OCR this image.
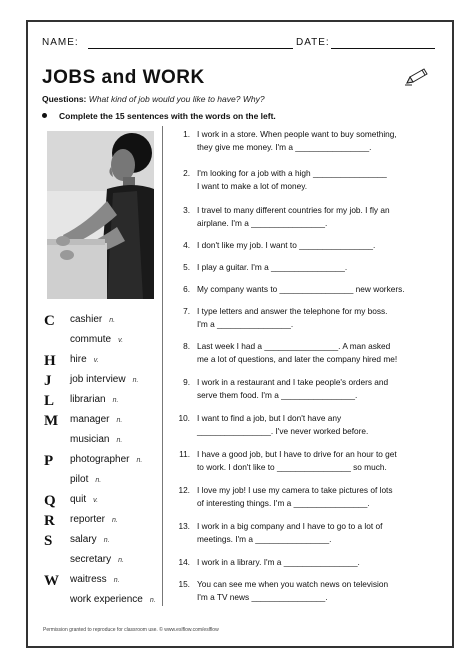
NAME:	DATE:
JOBS and WORK
Questions: What kind of job would you like to have? Why?
Complete the 15 sentences with the words on the left.
C	cashier n.
commute v.
H hire v.
J	job interview n.
L	librarian n.
M manager n.
musician n.
P	photographer n.
pilot n.
Q quit v.
R	reporter n.
S	salary n.
secretary n.
W waitress n.
work experience n.
1. I work in a store. When people want to buy something,
they give me money. I'm a ________________.
2. I'm looking for a job with a high ________________
I want to make a lot of money.
3. I travel to many different countries for my job. I fly an
airplane. I'm a ________________.
4. I don't like my job. I want to ________________.
5. I play a guitar. I'm a ________________.
6. My company wants to ________________ new workers.
7. I type letters and answer the telephone for my boss.
I'm a ________________.
8. Last week I had a ________________. A man asked
me a lot of questions, and later the company hired me!
9. I work in a restaurant and I take people's orders and
serve them food. I'm a ________________.
10. I want to find a job, but I don't have any
________________. I've never worked before.
11. I have a good job, but I have to drive for an hour to get
to work. I don't like to ________________ so much.
12. I love my job! I use my camera to take pictures of lots
of interesting things. I'm a ________________.
13. I work in a big company and I have to go to a lot of
meetings. I'm a ________________.
14. I work in a library. I'm a ________________.
15. You can see me when you watch news on television
I'm a TV news ________________.
Permission granted to reproduce for classroom use. © www.eslflow.com/eslflow
